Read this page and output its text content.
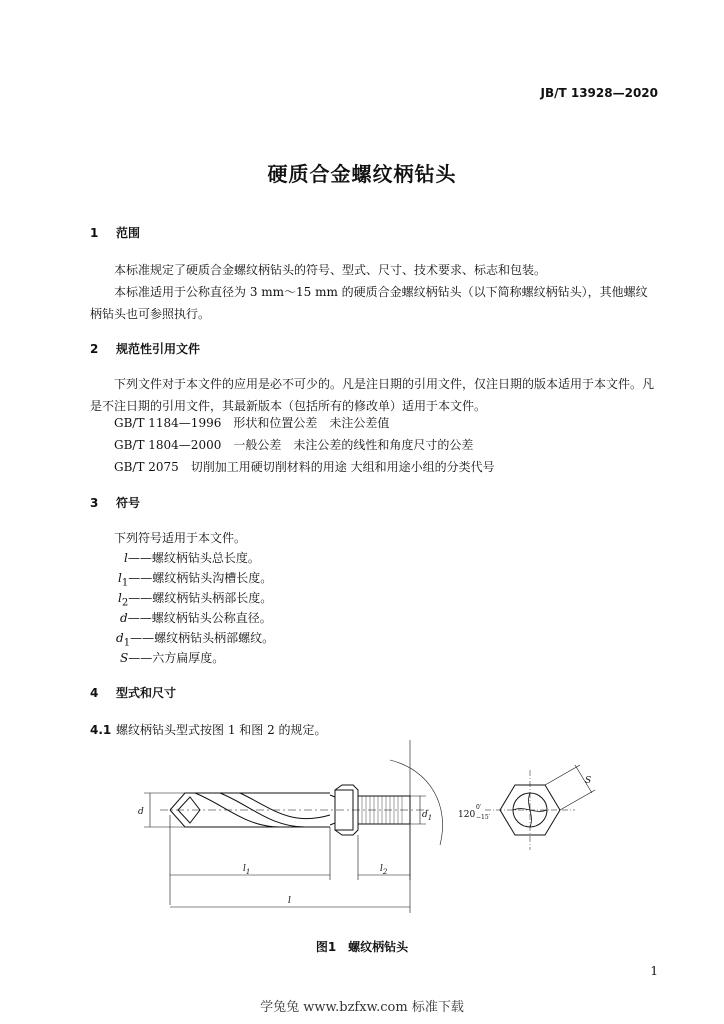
JB/T 13928—2020
硬质合金螺纹柄钻头
1 范围
本标准规定了硬质合金螺纹柄钻头的符号、型式、尺寸、技术要求、标志和包装。
本标准适用于公称直径为 3 mm～15 mm 的硬质合金螺纹柄钻头（以下简称螺纹柄钻头），其他螺纹柄钻头也可参照执行。
2 规范性引用文件
下列文件对于本文件的应用是必不可少的。凡是注日期的引用文件，仅注日期的版本适用于本文件。凡是不注日期的引用文件，其最新版本（包括所有的修改单）适用于本文件。
GB/T 1184—1996　形状和位置公差　未注公差值
GB/T 1804—2000　一般公差　未注公差的线性和角度尺寸的公差
GB/T 2075　切削加工用硬切削材料的用途 大组和用途小组的分类代号
3 符号
下列符号适用于本文件。
l——螺纹柄钻头总长度。
$l_1——$螺纹柄钻头沟槽长度。
$l_2——$螺纹柄钻头柄部长度。
d——螺纹柄钻头公称直径。
$d_1——$螺纹柄钻头柄部螺纹。
S——六方扁厚度。
4 型式和尺寸
4.1 螺纹柄钻头型式按图 1 和图 2 的规定。
d	$d_1$
$l_1$	$l_2$
l
S
1200′ −15′
图1　螺纹柄钻头
1
学兔兔 www.bzfxw.com 标准下载
